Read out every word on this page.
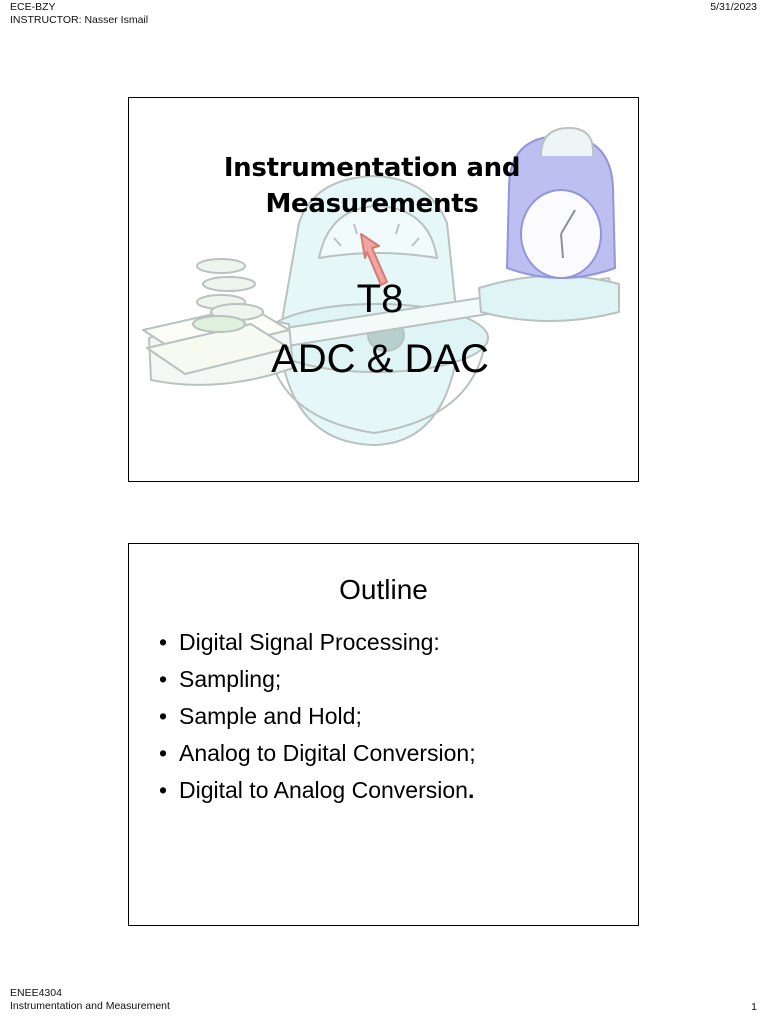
ECE-BZY
INSTRUCTOR: Nasser Ismail
5/31/2023
Instrumentation and
Measurements
T8
ADC & DAC
Outline
• Digital Signal Processing:
• Sampling;
• Sample and Hold;
• Analog to Digital Conversion;
• Digital to Analog Conversion.
ENEE4304
Instrumentation and Measurement	1
